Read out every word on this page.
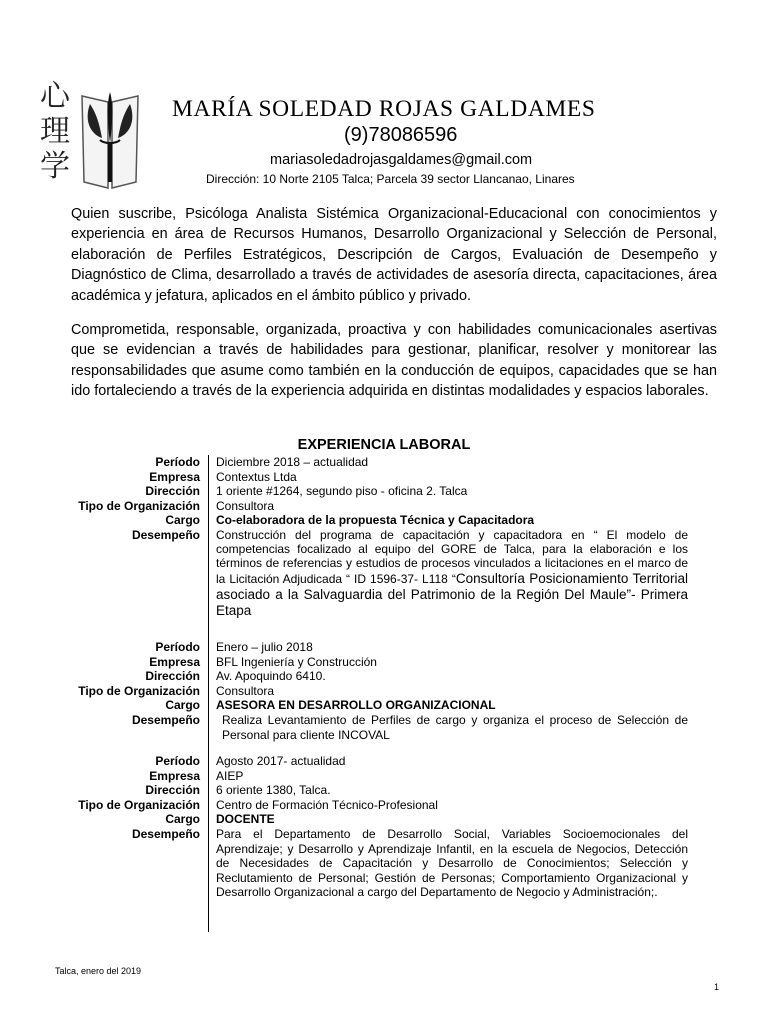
心
理
学
MARÍA SOLEDAD ROJAS GALDAMES
(9)78086596
mariasoledadrojasgaldames@gmail.com
Dirección: 10 Norte 2105 Talca; Parcela 39 sector Llancanao, Linares
Quien suscribe, Psicóloga Analista Sistémica Organizacional-Educacional con conocimientos y experiencia en área de Recursos Humanos, Desarrollo Organizacional y Selección de Personal, elaboración de Perfiles Estratégicos, Descripción de Cargos, Evaluación de Desempeño y Diagnóstico de Clima, desarrollado a través de actividades de asesoría directa, capacitaciones, área académica y jefatura, aplicados en el ámbito público y privado.
Comprometida, responsable, organizada, proactiva y con habilidades comunicacionales asertivas que se evidencian a través de habilidades para gestionar, planificar, resolver y monitorear las responsabilidades que asume como también en la conducción de equipos, capacidades que se han ido fortaleciendo a través de la experiencia adquirida en distintas modalidades y espacios laborales.
EXPERIENCIA LABORAL
Período Diciembre 2018 – actualidad
Empresa Contextus Ltda
Dirección 1 oriente #1264, segundo piso - oficina 2. Talca
Tipo de Organización Consultora
Cargo Co-elaboradora de la propuesta Técnica y Capacitadora
Desempeño Construcción del programa de capacitación y capacitadora en “ El modelo de competencias focalizado al equipo del GORE de Talca, para la elaboración e los términos de referencias y estudios de procesos vinculados a licitaciones en el marco de la Licitación Adjudicada “ ID 1596-37- L118 “Consultoría Posicionamiento Territorial asociado a la Salvaguardia del Patrimonio de la Región Del Maule”- Primera Etapa
Período Enero – julio 2018
Empresa BFL Ingeniería y Construcción
Dirección Av. Apoquindo 6410.
Tipo de Organización Consultora
Cargo ASESORA EN DESARROLLO ORGANIZACIONAL
Desempeño	Realiza Levantamiento de Perfiles de cargo y organiza el proceso de Selección de Personal para cliente INCOVAL
Período Agosto 2017- actualidad
Empresa AIEP
Dirección 6 oriente 1380, Talca.
Tipo de Organización Centro de Formación Técnico-Profesional
Cargo DOCENTE
Desempeño Para el Departamento de Desarrollo Social, Variables Socioemocionales del Aprendizaje; y Desarrollo y Aprendizaje Infantil, en la escuela de Negocios, Detección de Necesidades de Capacitación y Desarrollo de Conocimientos; Selección y Reclutamiento de Personal; Gestión de Personas; Comportamiento Organizacional y Desarrollo Organizacional a cargo del Departamento de Negocio y Administración;.
Talca, enero del 2019
1
